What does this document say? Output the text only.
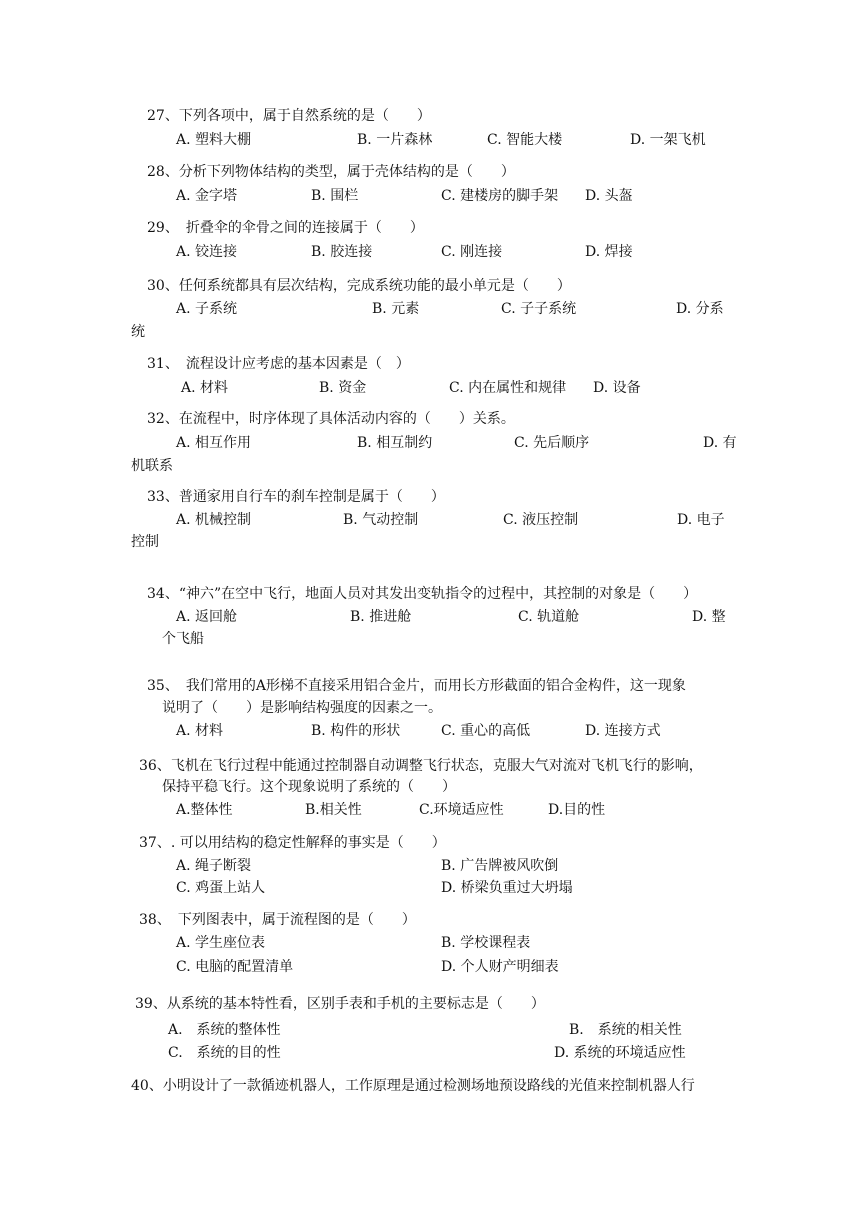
27、下列各项中，属于自然系统的是（　　）
A. 塑料大棚	B. 一片森林	C. 智能大楼	D. 一架飞机
28、分析下列物体结构的类型，属于壳体结构的是（　　）
A. 金字塔	B. 围栏	C. 建楼房的脚手架 D. 头盔
29、　折叠伞的伞骨之间的连接属于（　　）
A. 铰连接	B. 胶连接	C. 刚连接	D. 焊接
30、任何系统都具有层次结构，完成系统功能的最小单元是（　　）
A. 子系统	B. 元素	C. 子子系统	D. 分系
统
31、　流程设计应考虑的基本因素是（　）
A. 材料	B. 资金	C. 内在属性和规律 D. 设备
32、在流程中，时序体现了具体活动内容的（　　）关系。
A. 相互作用	B. 相互制约	C. 先后顺序	D. 有
机联系
33、普通家用自行车的刹车控制是属于（　　）
A. 机械控制	B. 气动控制	C. 液压控制	D. 电子
控制
34、“神六”在空中飞行，地面人员对其发出变轨指令的过程中，其控制的对象是（　　）
A. 返回舱	B. 推进舱	C. 轨道舱	D. 整
个飞船
35、　我们常用的A形梯不直接采用铝合金片，而用长方形截面的铝合金构件，这一现象
说明了（　　）是影响结构强度的因素之一。
A. 材料	B. 构件的形状	C. 重心的高低	D. 连接方式
36、飞机在飞行过程中能通过控制器自动调整飞行状态，克服大气对流对飞机飞行的影响，
保持平稳飞行。这个现象说明了系统的（　　）
A.整体性	B.相关性	C.环境适应性	D.目的性
37、. 可以用结构的稳定性解释的事实是（　　）
A. 绳子断裂	B. 广告牌被风吹倒
C. 鸡蛋上站人	D. 桥梁负重过大坍塌
38、　下列图表中，属于流程图的是（　　）
A. 学生座位表	B. 学校课程表
C. 电脑的配置清单	D. 个人财产明细表
39、从系统的基本特性看，区别手表和手机的主要标志是（　　）
A.　系统的整体性	B.　系统的相关性
C.　系统的目的性	D. 系统的环境适应性
40、小明设计了一款循迹机器人，工作原理是通过检测场地预设路线的光值来控制机器人行
